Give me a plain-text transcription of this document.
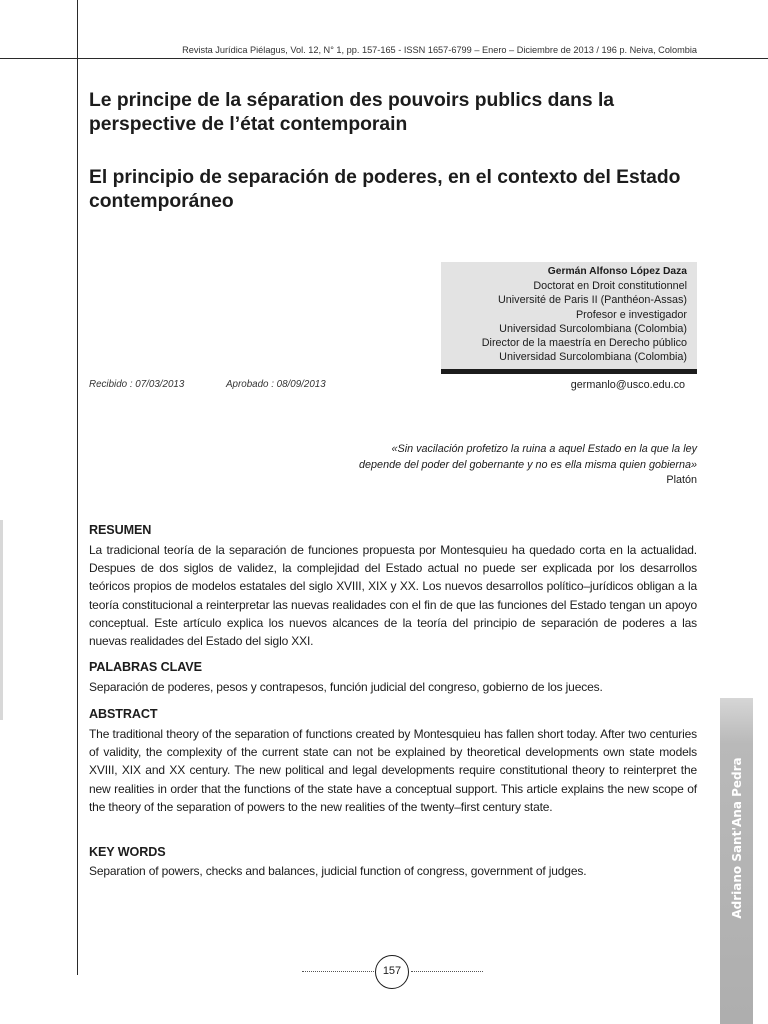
Revista Jurídica Piélagus, Vol. 12, N° 1, pp. 157-165 - ISSN 1657-6799 – Enero – Diciembre de 2013 / 196 p. Neiva, Colombia
Le principe de la séparation des pouvoirs publics dans la perspective de l’état contemporain
El principio de separación de poderes, en el contexto del Estado contemporáneo
Germán Alfonso López Daza
Doctorat en Droit constitutionnel
Université de Paris II (Panthéon-Assas)
Profesor e investigador
Universidad Surcolombiana (Colombia)
Director de la maestría en Derecho público
Universidad Surcolombiana (Colombia)
Recibido : 07/03/2013	Aprobado : 08/09/2013	germanlo@usco.edu.co
«Sin vacilación profetizo la ruina a aquel Estado en la que la ley
depende del poder del gobernante y no es ella misma quien gobierna»
Platón
RESUMEN

La tradicional teoría de la separación de funciones propuesta por Montesquieu ha quedado corta en la actualidad. Despues de dos siglos de validez, la complejidad del Estado actual no puede ser explicada por los desarrollos teóricos propios de modelos estatales del siglo XVIII, XIX y XX. Los nuevos desarrollos político–jurídicos obligan a la teoría constitucional a reinterpretar las nuevas realidades con el fin de que las funciones del Estado tengan un apoyo conceptual. Este artículo explica los nuevos alcances de la teoría del principio de separación de poderes a las nuevas realidades del Estado del siglo XXI.

PALABRAS CLAVE

Separación de poderes, pesos y contrapesos, función judicial del congreso, gobierno de los jueces.

ABSTRACT

The traditional theory of the separation of functions created by Montesquieu has fallen short today. After two centuries of validity, the complexity of the current state can not be explained by theoretical developments own state models XVIII, XIX and XX century. The new political and legal developments require constitutional theory to reinterpret the new realities in order that the functions of the state have a conceptual support. This article explains the new scope of the theory of the separation of powers to the new realities of the twenty–first century state.

KEY WORDS

Separation of powers, checks and balances, judicial function of congress, government of judges.	Adriano Sant'Ana Pedra
157
